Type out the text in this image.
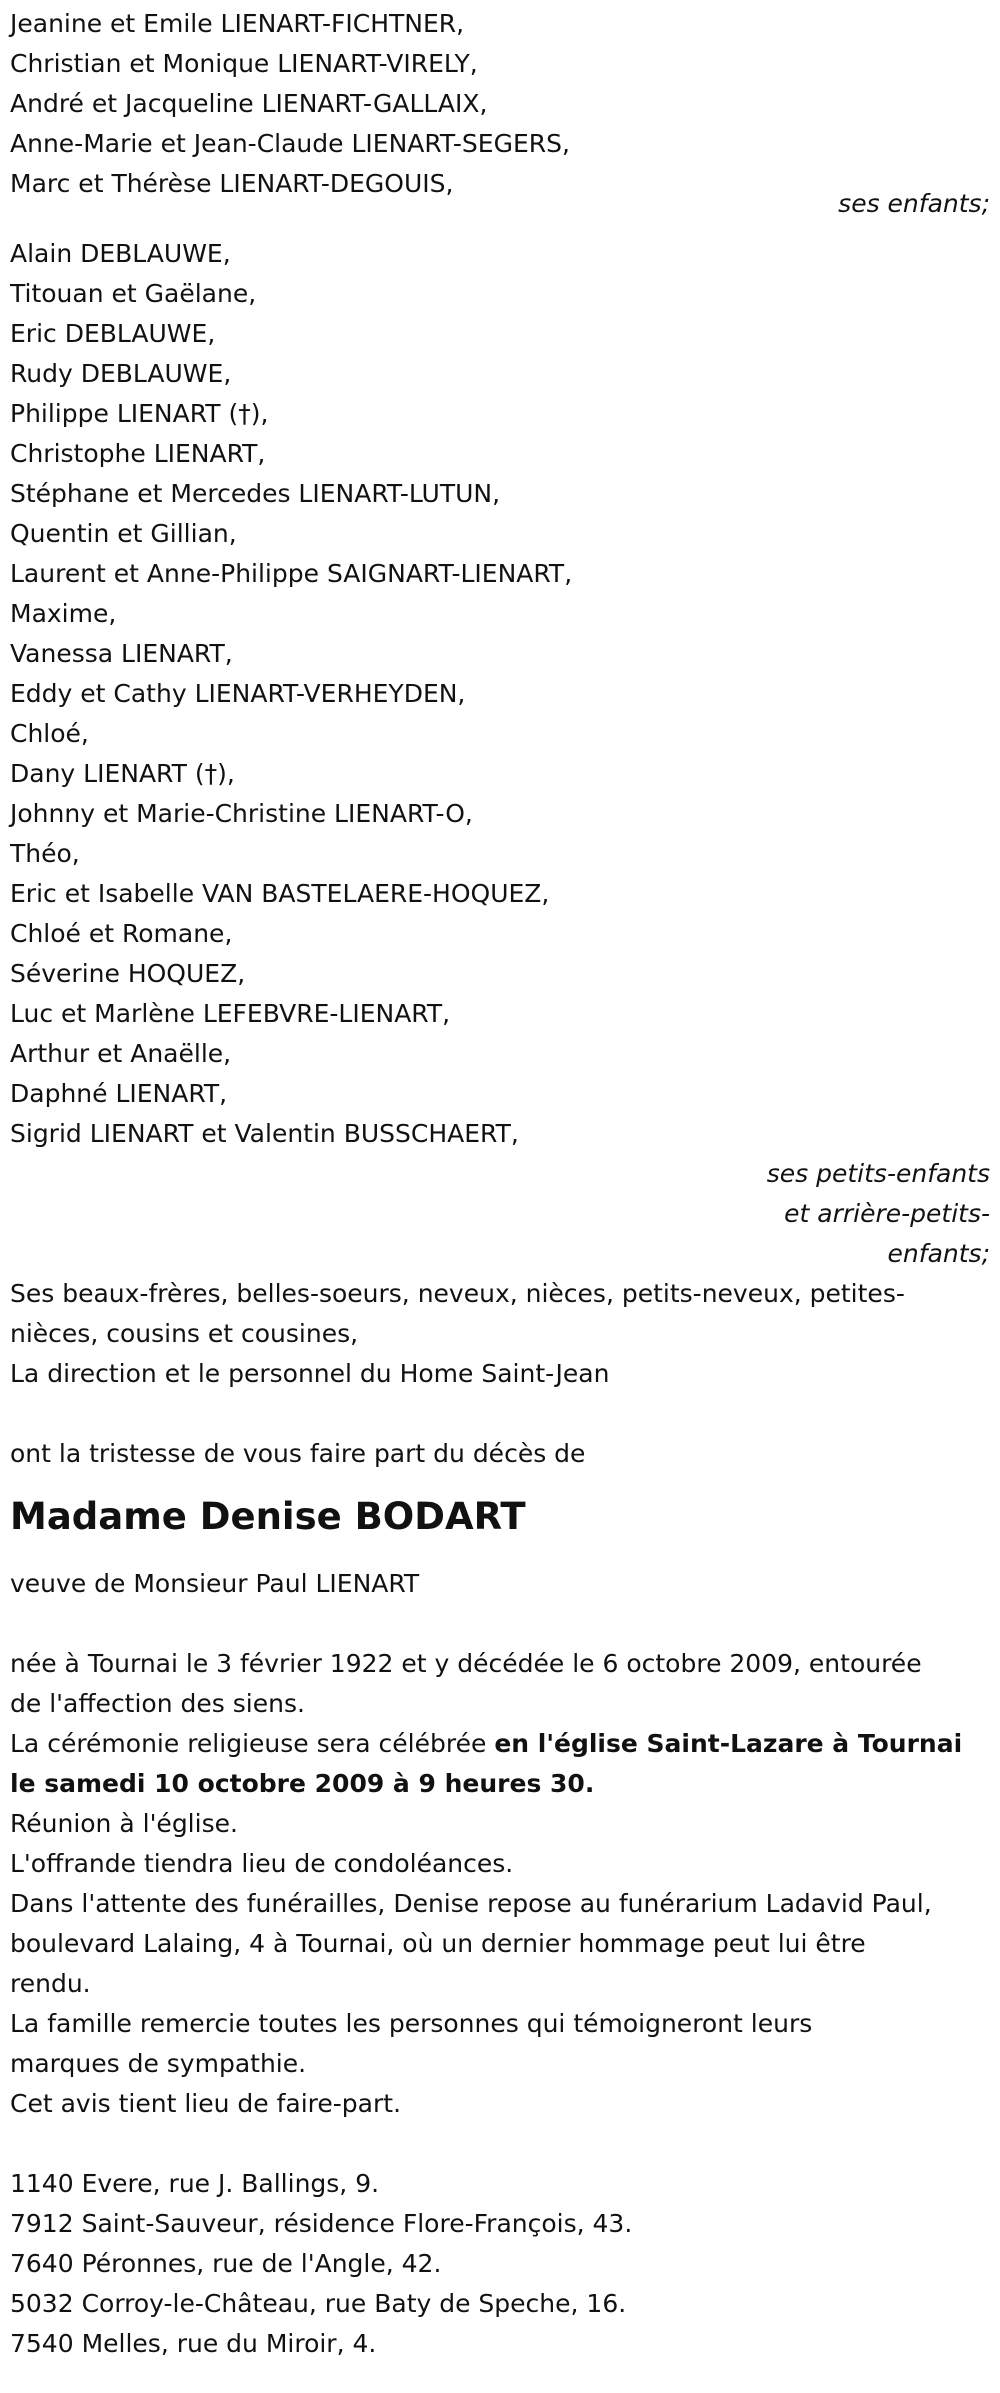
Jeanine et Emile LIENART-FICHTNER,
Christian et Monique LIENART-VIRELY,
André et Jacqueline LIENART-GALLAIX,
Anne-Marie et Jean-Claude LIENART-SEGERS,
Marc et Thérèse LIENART-DEGOUIS,
ses enfants;
Alain DEBLAUWE,
Titouan et Gaëlane,
Eric DEBLAUWE,
Rudy DEBLAUWE,
Philippe LIENART (†),
Christophe LIENART,
Stéphane et Mercedes LIENART-LUTUN,
Quentin et Gillian,
Laurent et Anne-Philippe SAIGNART-LIENART,
Maxime,
Vanessa LIENART,
Eddy et Cathy LIENART-VERHEYDEN,
Chloé,
Dany LIENART (†),
Johnny et Marie-Christine LIENART-O,
Théo,
Eric et Isabelle VAN BASTELAERE-HOQUEZ,
Chloé et Romane,
Séverine HOQUEZ,
Luc et Marlène LEFEBVRE-LIENART,
Arthur et Anaëlle,
Daphné LIENART,
Sigrid LIENART et Valentin BUSSCHAERT,
ses petits-enfants
et arrière-petits-
enfants;
Ses beaux-frères, belles-soeurs, neveux, nièces, petits-neveux, petites-
nièces, cousins et cousines,
La direction et le personnel du Home Saint-Jean
ont la tristesse de vous faire part du décès de
Madame Denise BODART
veuve de Monsieur Paul LIENART
née à Tournai le 3 février 1922 et y décédée le 6 octobre 2009, entourée
de l'affection des siens.
La cérémonie religieuse sera célébrée en l'église Saint-Lazare à Tournai
le samedi 10 octobre 2009 à 9 heures 30.
Réunion à l'église.
L'offrande tiendra lieu de condoléances.
Dans l'attente des funérailles, Denise repose au funérarium Ladavid Paul,
boulevard Lalaing, 4 à Tournai, où un dernier hommage peut lui être
rendu.
La famille remercie toutes les personnes qui témoigneront leurs
marques de sympathie.
Cet avis tient lieu de faire-part.
1140 Evere, rue J. Ballings, 9.
7912 Saint-Sauveur, résidence Flore-François, 43.
7640 Péronnes, rue de l'Angle, 42.
5032 Corroy-le-Château, rue Baty de Speche, 16.
7540 Melles, rue du Miroir, 4.
